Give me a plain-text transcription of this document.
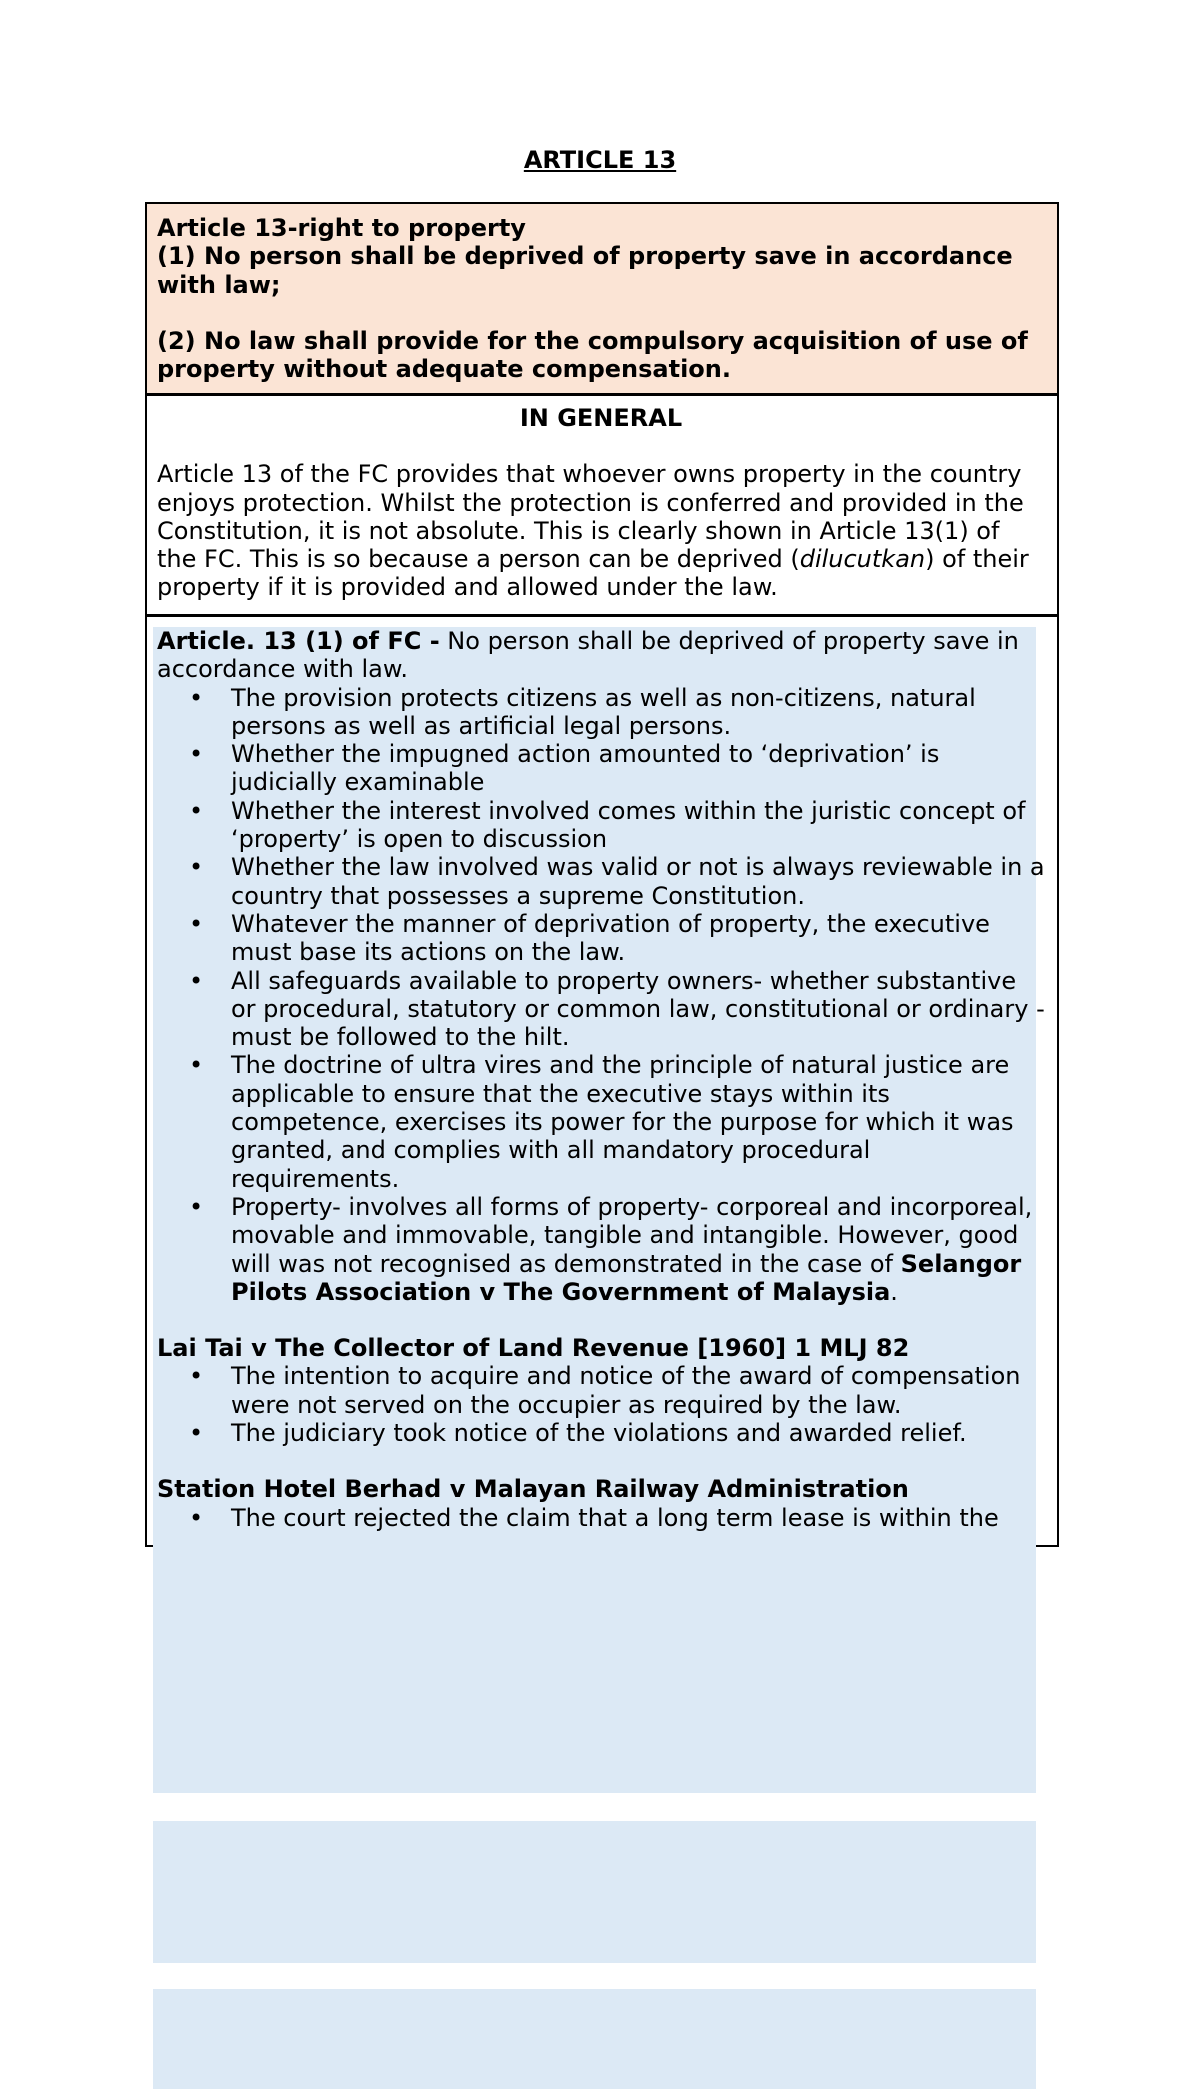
ARTICLE 13

Article 13-right to property

(1) No person shall be deprived of property save in accordance with law;

(2) No law shall provide for the compulsory acquisition of use of property without adequate compensation.

IN GENERAL

Article 13 of the FC provides that whoever owns property in the country enjoys protection. Whilst the protection is conferred and provided in the Constitution, it is not absolute. This is clearly shown in Article 13(1) of the FC. This is so because a person can be deprived (dilucutkan) of their property if it is provided and allowed under the law.

Article. 13 (1) of FC - No person shall be deprived of property save in accordance with law.

• The provision protects citizens as well as non-citizens, natural persons as well as artificial legal persons.
• Whether the impugned action amounted to ‘deprivation’ is judicially examinable
• Whether the interest involved comes within the juristic concept of ‘property’ is open to discussion
• Whether the law involved was valid or not is always reviewable in a country that possesses a supreme Constitution.
• Whatever the manner of deprivation of property, the executive must base its actions on the law.
• All safeguards available to property owners- whether substantive or procedural, statutory or common law, constitutional or ordinary - must be followed to the hilt.
• The doctrine of ultra vires and the principle of natural justice are applicable to ensure that the executive stays within its competence, exercises its power for the purpose for which it was granted, and complies with all mandatory procedural requirements.
• Property- involves all forms of property- corporeal and incorporeal, movable and immovable, tangible and intangible. However, good will was not recognised as demonstrated in the case of Selangor Pilots Association v The Government of Malaysia.

Lai Tai v The Collector of Land Revenue [1960] 1 MLJ 82

• The intention to acquire and notice of the award of compensation were not served on the occupier as required by the law.
• The judiciary took notice of the violations and awarded relief.

Station Hotel Berhad v Malayan Railway Administration

• The court rejected the claim that a long term lease is within the
